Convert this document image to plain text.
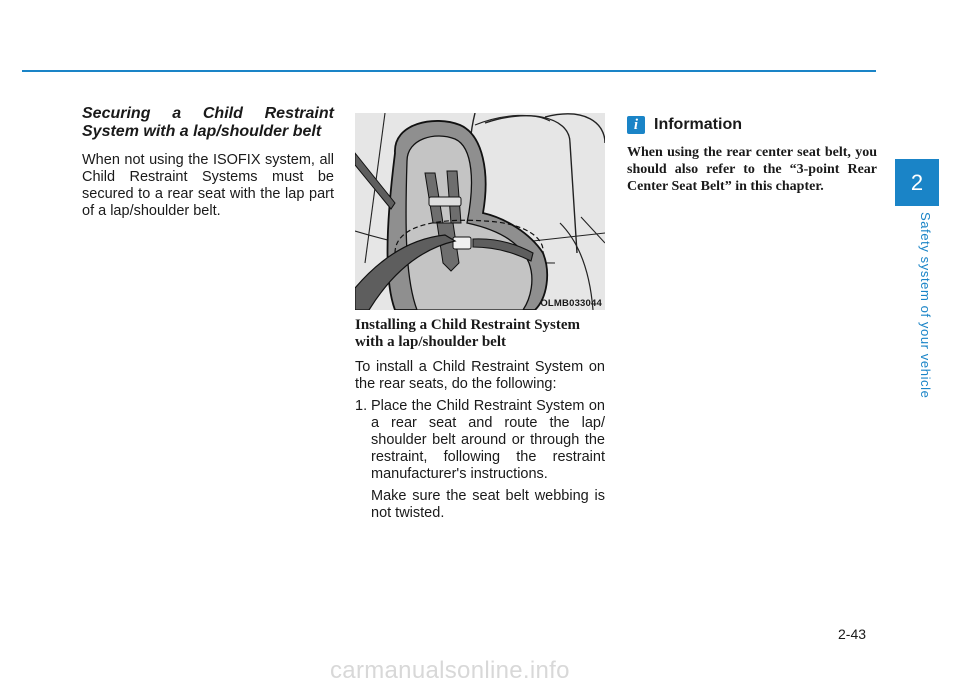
Securing a Child Restraint
System with a lap/shoulder belt

When not using the ISOFIX system, all Child Restraint Systems must be secured to a rear seat with the lap part of a lap/shoulder belt.

OLMB033044
Installing a Child Restraint System
with a lap/shoulder belt

To install a Child Restraint System on the rear seats, do the following:

1. Place the Child Restraint System on a rear seat and route the lap/ shoulder belt around or through the restraint, following the restraint manufacturer's instructions.

Make sure the seat belt webbing is not twisted.

i Information

When using the rear center seat belt, you should also refer to the “3-point Rear Center Seat Belt” in this chapter.	2
Safety system of your vehicle
2-43
carmanualsonline.info
